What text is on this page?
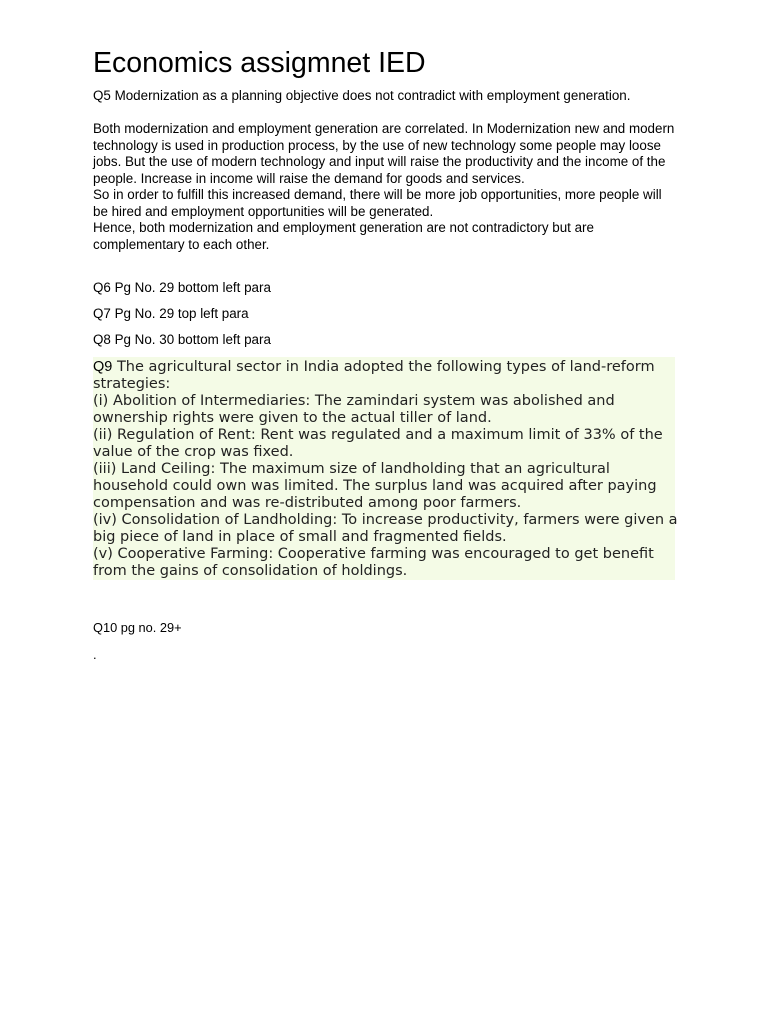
Economics assigmnet IED

Q5 Modernization as a planning objective does not contradict with employment generation.

Both modernization and employment generation are correlated. In Modernization new and modern technology is used in production process, by the use of new technology some people may loose jobs. But the use of modern technology and input will raise the productivity and the income of the people. Increase in income will raise the demand for goods and services.

So in order to fulfill this increased demand, there will be more job opportunities, more people will be hired and employment opportunities will be generated.

Hence, both modernization and employment generation are not contradictory but are complementary to each other.

Q6 Pg No. 29 bottom left para

Q7 Pg No. 29 top left para

Q8 Pg No. 30 bottom left para

Q9 The agricultural sector in India adopted the following types of land-reform strategies:

(i) Abolition of Intermediaries: The zamindari system was abolished and ownership rights were given to the actual tiller of land.

(ii) Regulation of Rent: Rent was regulated and a maximum limit of 33% of the value of the crop was fixed.

(iii) Land Ceiling: The maximum size of landholding that an agricultural household could own was limited. The surplus land was acquired after paying compensation and was re-distributed among poor farmers.

(iv) Consolidation of Landholding: To increase productivity, farmers were given a big piece of land in place of small and fragmented fields.

(v) Cooperative Farming: Cooperative farming was encouraged to get benefit from the gains of consolidation of holdings.

Q10 pg no. 29+

.
